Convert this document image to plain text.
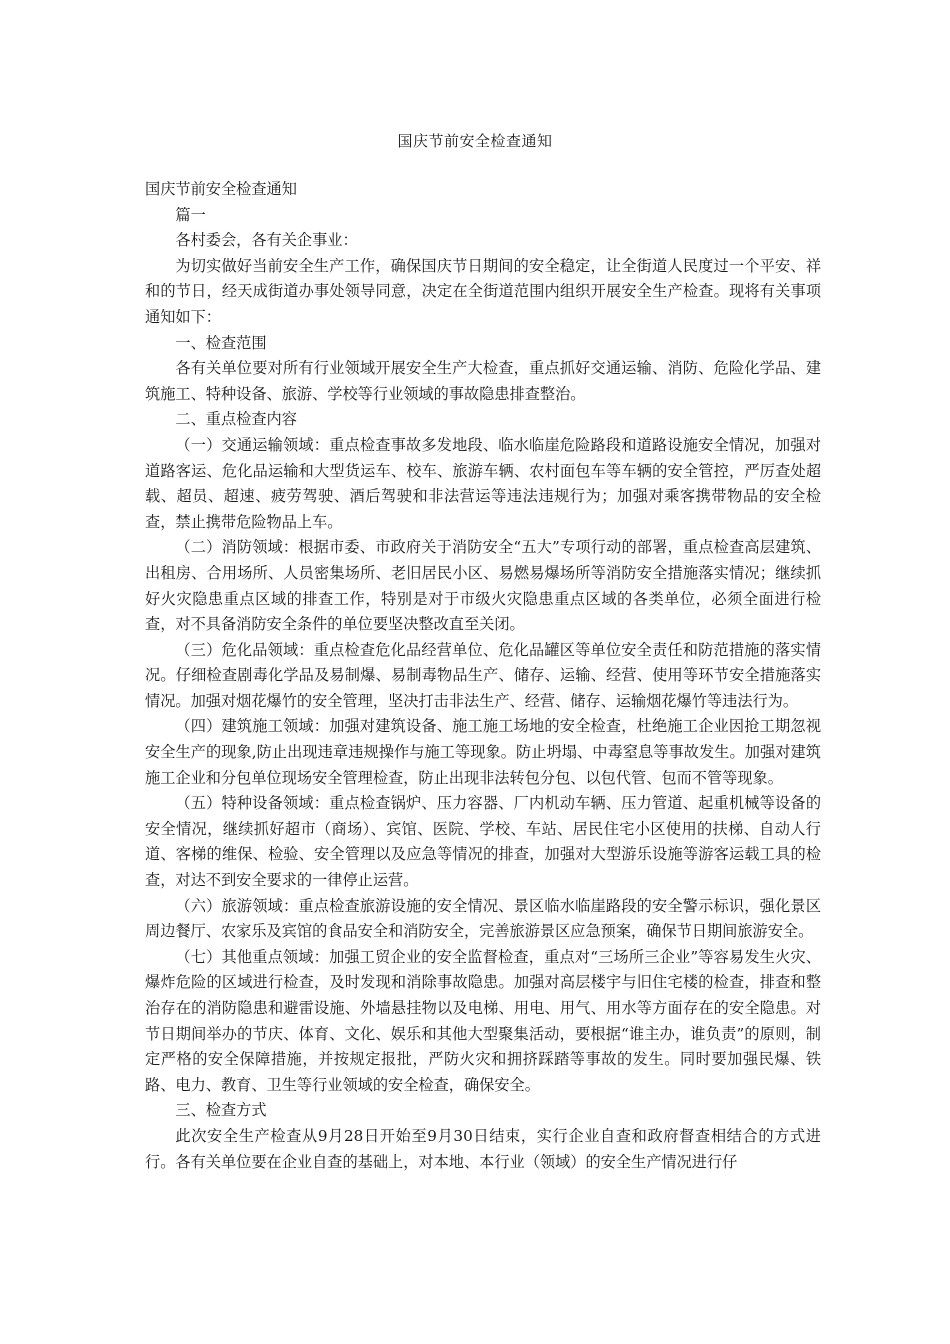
国庆节前安全检查通知

国庆节前安全检查通知

篇一

各村委会，各有关企事业：

为切实做好当前安全生产工作，确保国庆节日期间的安全稳定，让全街道人民度过一个平安、祥和的节日，经天成街道办事处领导同意，决定在全街道范围内组织开展安全生产检查。现将有关事项通知如下：

一、检查范围

各有关单位要对所有行业领域开展安全生产大检查，重点抓好交通运输、消防、危险化学品、建筑施工、特种设备、旅游、学校等行业领域的事故隐患排查整治。

二、重点检查内容

（一）交通运输领域：重点检查事故多发地段、临水临崖危险路段和道路设施安全情况，加强对道路客运、危化品运输和大型货运车、校车、旅游车辆、农村面包车等车辆的安全管控，严厉查处超载、超员、超速、疲劳驾驶、酒后驾驶和非法营运等违法违规行为；加强对乘客携带物品的安全检查，禁止携带危险物品上车。

（二）消防领域：根据市委、市政府关于消防安全“五大”专项行动的部署，重点检查高层建筑、出租房、合用场所、人员密集场所、老旧居民小区、易燃易爆场所等消防安全措施落实情况；继续抓好火灾隐患重点区域的排查工作，特别是对于市级火灾隐患重点区域的各类单位，必须全面进行检查，对不具备消防安全条件的单位要坚决整改直至关闭。

（三）危化品领域：重点检查危化品经营单位、危化品罐区等单位安全责任和防范措施的落实情况。仔细检查剧毒化学品及易制爆、易制毒物品生产、储存、运输、经营、使用等环节安全措施落实情况。加强对烟花爆竹的安全管理，坚决打击非法生产、经营、储存、运输烟花爆竹等违法行为。

（四）建筑施工领域：加强对建筑设备、施工施工场地的安全检查，杜绝施工企业因抢工期忽视安全生产的现象,防止出现违章违规操作与施工等现象。防止坍塌、中毒窒息等事故发生。加强对建筑施工企业和分包单位现场安全管理检查，防止出现非法转包分包、以包代管、包而不管等现象。

（五）特种设备领域：重点检查锅炉、压力容器、厂内机动车辆、压力管道、起重机械等设备的安全情况，继续抓好超市（商场）、宾馆、医院、学校、车站、居民住宅小区使用的扶梯、自动人行道、客梯的维保、检验、安全管理以及应急等情况的排查，加强对大型游乐设施等游客运载工具的检查，对达不到安全要求的一律停止运营。

（六）旅游领域：重点检查旅游设施的安全情况、景区临水临崖路段的安全警示标识，强化景区周边餐厅、农家乐及宾馆的食品安全和消防安全，完善旅游景区应急预案，确保节日期间旅游安全。

（七）其他重点领域：加强工贸企业的安全监督检查，重点对“三场所三企业”等容易发生火灾、爆炸危险的区域进行检查，及时发现和消除事故隐患。加强对高层楼宇与旧住宅楼的检查，排查和整治存在的消防隐患和避雷设施、外墙悬挂物以及电梯、用电、用气、用水等方面存在的安全隐患。对节日期间举办的节庆、体育、文化、娱乐和其他大型聚集活动，要根据“谁主办，谁负责”的原则，制定严格的安全保障措施，并按规定报批，严防火灾和拥挤踩踏等事故的发生。同时要加强民爆、铁路、电力、教育、卫生等行业领域的安全检查，确保安全。

三、检查方式

此次安全生产检查从9月28日开始至9月30日结束，实行企业自查和政府督查相结合的方式进行。各有关单位要在企业自查的基础上，对本地、本行业（领域）的安全生产情况进行仔
